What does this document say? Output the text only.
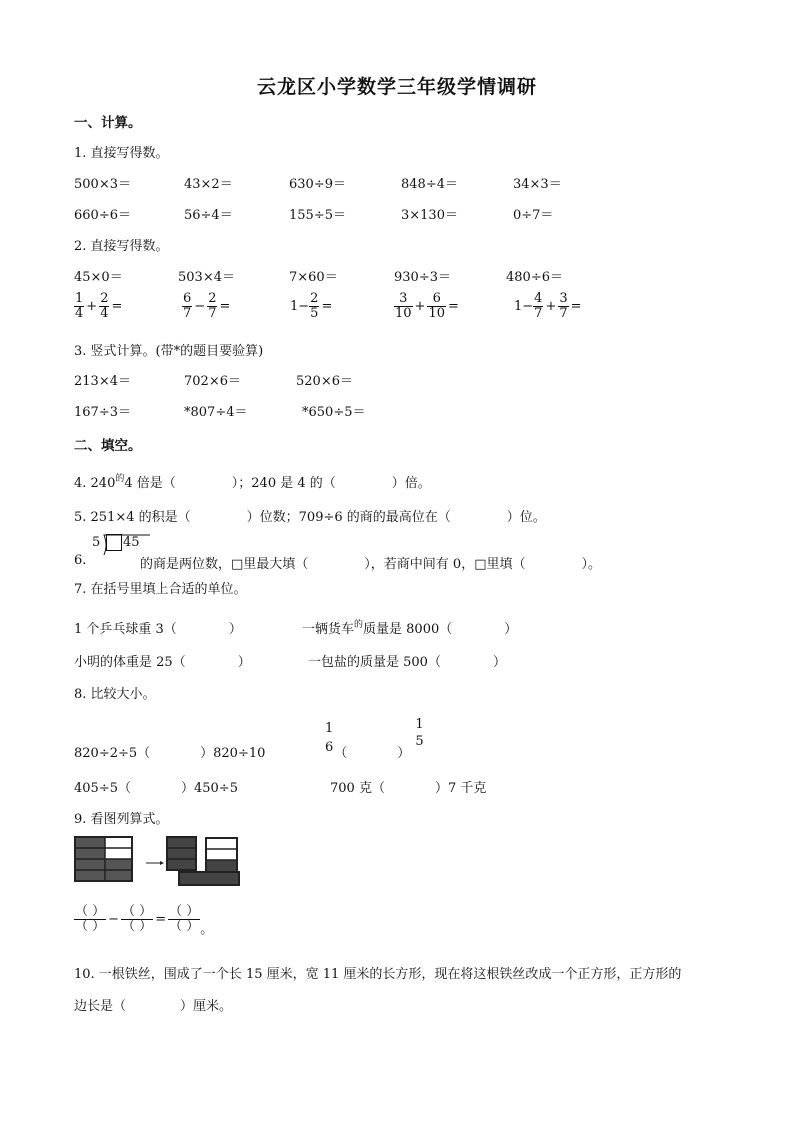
云龙区小学数学三年级学情调研
一、计算。
1. 直接写得数。
500×3＝	43×2＝	630÷9＝	848÷4＝	34×3＝
660÷6＝	56÷4＝	155÷5＝	3×130＝	0÷7＝
2. 直接写得数。
45×0＝	503×4＝	7×60＝	930÷3＝	480÷6＝
$\frac{1}{4} + \frac{2}{4}$ =	$\frac{6}{7} - \frac{2}{7}$ =	$1- \frac{2}{5}$ =	$\frac{3}{10} + \frac{6}{10}$ =	$1- \frac{4}{7} + \frac{3}{7}$ =
3. 竖式计算。(带*的题目要验算)
213×4＝	702×6＝	520×6＝
167÷3＝	*807÷4＝	*650÷5＝
二、填空。
4. $240^的4$ 倍是（	）；240 是 4 的（	）倍。
5. 251×4 的积是（	）位数；709÷6 的商的最高位在（	）位。
6.
5 45
的商是两位数，□里最大填（	），若商中间有 0，□里填（	）。
7. 在括号里填上合适的单位。
1 个乒乓球重 3（	）	一辆货车$^的$质量是 8000（	）
小明的体重是 25（	）	一包盐的质量是 500（	）
8. 比较大小。
820÷2÷5（	）820÷10
1
6 （	）
1
5
405÷5（	）450÷5	700 克（	）7 千克
9. 看图列算式。
$\frac{( )}{( )} - \frac{( )}{( )} = \frac{( )}{( )}$ 。
10. 一根铁丝，围成了一个长 15 厘米，宽 11 厘米的长方形，现在将这根铁丝改成一个正方形，正方形的
边长是（	）厘米。
